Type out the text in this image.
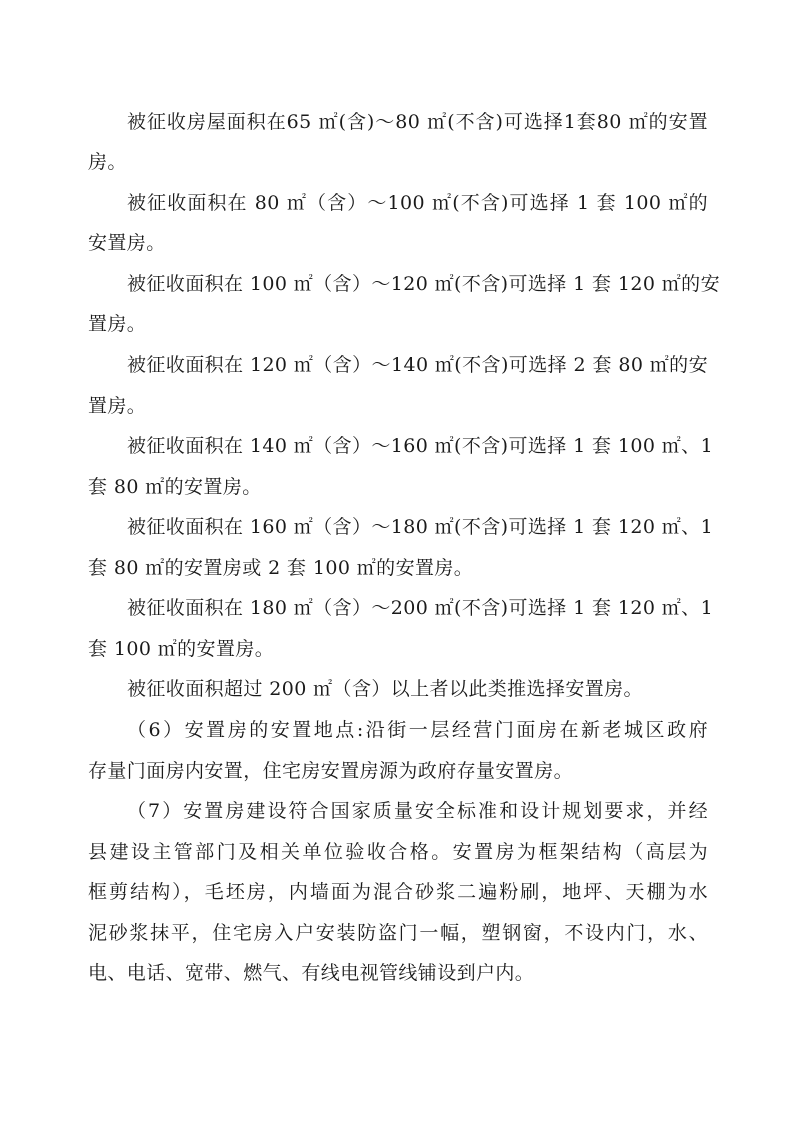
被征收房屋面积在65 ㎡(含)～80 ㎡(不含)可选择1套80 ㎡的安置
房。
被征收面积在 80 ㎡（含）～100 ㎡(不含)可选择 1 套 100 ㎡的
安置房。
被征收面积在 100 ㎡（含）～120 ㎡(不含)可选择 1 套 120 ㎡的安
置房。
被征收面积在 120 ㎡（含）～140 ㎡(不含)可选择 2 套 80 ㎡的安
置房。
被征收面积在 140 ㎡（含）～160 ㎡(不含)可选择 1 套 100 ㎡、1
套 80 ㎡的安置房。
被征收面积在 160 ㎡（含）～180 ㎡(不含)可选择 1 套 120 ㎡、1
套 80 ㎡的安置房或 2 套 100 ㎡的安置房。
被征收面积在 180 ㎡（含）～200 ㎡(不含)可选择 1 套 120 ㎡、1
套 100 ㎡的安置房。
被征收面积超过 200 ㎡（含）以上者以此类推选择安置房。
（6）安置房的安置地点:沿街一层经营门面房在新老城区政府
存量门面房内安置，住宅房安置房源为政府存量安置房。
（7）安置房建设符合国家质量安全标准和设计规划要求，并经
县建设主管部门及相关单位验收合格。安置房为框架结构（高层为
框剪结构），毛坯房，内墙面为混合砂浆二遍粉刷，地坪、天棚为水
泥砂浆抹平，住宅房入户安装防盗门一幅，塑钢窗，不设内门，水、
电、电话、宽带、燃气、有线电视管线铺设到户内。
